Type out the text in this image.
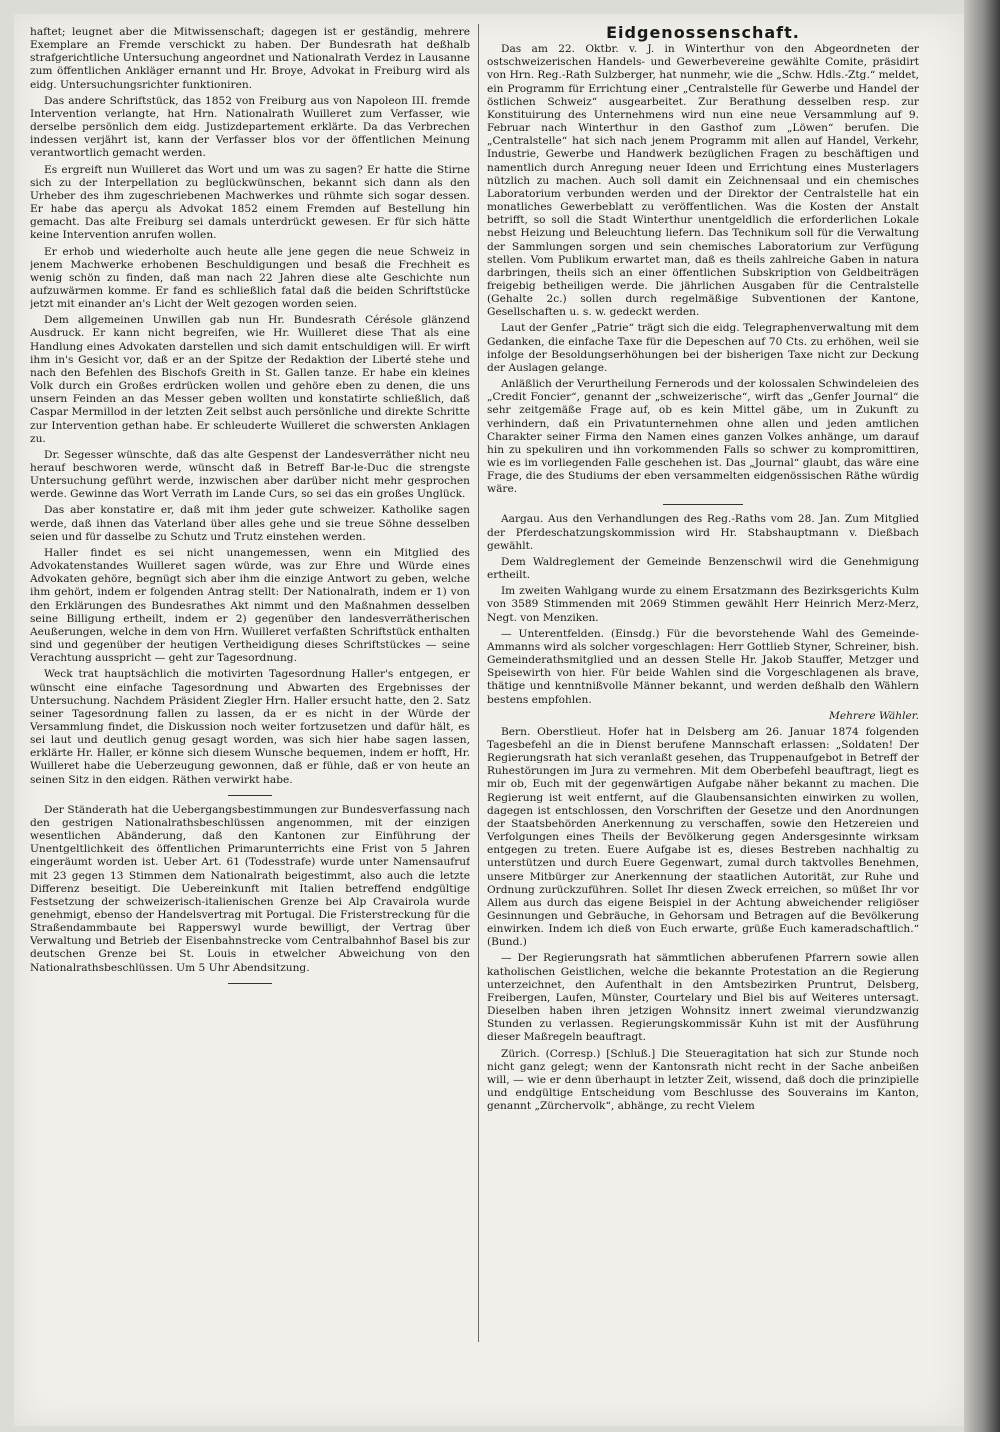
haftet; leugnet aber die Mitwissenschaft; dagegen ist er geständig, mehrere Exemplare an Fremde verschickt zu haben. Der Bundesrath hat deßhalb strafgerichtliche Untersuchung angeordnet und Nationalrath Verdez in Lausanne zum öffentlichen Ankläger ernannt und Hr. Broye, Advokat in Freiburg wird als eidg. Untersuchungsrichter funktioniren.

Das andere Schriftstück, das 1852 von Freiburg aus von Napoleon III. fremde Intervention verlangte, hat Hrn. Nationalrath Wuilleret zum Verfasser, wie derselbe persönlich dem eidg. Justizdepartement erklärte. Da das Verbrechen indessen verjährt ist, kann der Verfasser blos vor der öffentlichen Meinung verantwortlich gemacht werden.

Es ergreift nun Wuilleret das Wort und um was zu sagen? Er hatte die Stirne sich zu der Interpellation zu beglückwünschen, bekannt sich dann als den Urheber des ihm zugeschriebenen Machwerkes und rühmte sich sogar dessen. Er habe das aperçu als Advokat 1852 einem Fremden auf Bestellung hin gemacht. Das alte Freiburg sei damals unterdrückt gewesen. Er für sich hätte keine Intervention anrufen wollen.

Er erhob und wiederholte auch heute alle jene gegen die neue Schweiz in jenem Machwerke erhobenen Beschuldigungen und besaß die Frechheit es wenig schön zu finden, daß man nach 22 Jahren diese alte Geschichte nun aufzuwärmen komme. Er fand es schließlich fatal daß die beiden Schriftstücke jetzt mit einander an's Licht der Welt gezogen worden seien.

Dem allgemeinen Unwillen gab nun Hr. Bundesrath Cérésole glänzend Ausdruck. Er kann nicht begreifen, wie Hr. Wuilleret diese That als eine Handlung eines Advokaten darstellen und sich damit entschuldigen will. Er wirft ihm in's Gesicht vor, daß er an der Spitze der Redaktion der Liberté stehe und nach den Befehlen des Bischofs Greith in St. Gallen tanze. Er habe ein kleines Volk durch ein Großes erdrücken wollen und gehöre eben zu denen, die uns unsern Feinden an das Messer geben wollten und konstatirte schließlich, daß Caspar Mermillod in der letzten Zeit selbst auch persönliche und direkte Schritte zur Intervention gethan habe. Er schleuderte Wuilleret die schwersten Anklagen zu.

Dr. Segesser wünschte, daß das alte Gespenst der Landesverräther nicht neu herauf beschworen werde, wünscht daß in Betreff Bar-le-Duc die strengste Untersuchung geführt werde, inzwischen aber darüber nicht mehr gesprochen werde. Gewinne das Wort Verrath im Lande Curs, so sei das ein großes Unglück.

Das aber konstatire er, daß mit ihm jeder gute schweizer. Katholike sagen werde, daß ihnen das Vaterland über alles gehe und sie treue Söhne desselben seien und für dasselbe zu Schutz und Trutz einstehen werden.

Haller findet es sei nicht unangemessen, wenn ein Mitglied des Advokatenstandes Wuilleret sagen würde, was zur Ehre und Würde eines Advokaten gehöre, begnügt sich aber ihm die einzige Antwort zu geben, welche ihm gehört, indem er folgenden Antrag stellt: Der Nationalrath, indem er 1) von den Erklärungen des Bundesrathes Akt nimmt und den Maßnahmen desselben seine Billigung ertheilt, indem er 2) gegenüber den landesverrätherischen Aeußerungen, welche in dem von Hrn. Wuilleret verfaßten Schriftstück enthalten sind und gegenüber der heutigen Vertheidigung dieses Schriftstückes — seine Verachtung ausspricht — geht zur Tagesordnung.

Weck trat hauptsächlich die motivirten Tagesordnung Haller's entgegen, er wünscht eine einfache Tagesordnung und Abwarten des Ergebnisses der Untersuchung. Nachdem Präsident Ziegler Hrn. Haller ersucht hatte, den 2. Satz seiner Tagesordnung fallen zu lassen, da er es nicht in der Würde der Versammlung findet, die Diskussion noch weiter fortzusetzen und dafür hält, es sei laut und deutlich genug gesagt worden, was sich hier habe sagen lassen, erklärte Hr. Haller, er könne sich diesem Wunsche bequemen, indem er hofft, Hr. Wuilleret habe die Ueberzeugung gewonnen, daß er fühle, daß er von heute an seinen Sitz in den eidgen. Räthen verwirkt habe.

Der Ständerath hat die Uebergangsbestimmungen zur Bundesverfassung nach den gestrigen Nationalrathsbeschlüssen angenommen, mit der einzigen wesentlichen Abänderung, daß den Kantonen zur Einführung der Unentgeltlichkeit des öffentlichen Primarunterrichts eine Frist von 5 Jahren eingeräumt worden ist. Ueber Art. 61 (Todesstrafe) wurde unter Namensaufruf mit 23 gegen 13 Stimmen dem Nationalrath beigestimmt, also auch die letzte Differenz beseitigt. Die Uebereinkunft mit Italien betreffend endgültige Festsetzung der schweizerisch-italienischen Grenze bei Alp Cravairola wurde genehmigt, ebenso der Handelsvertrag mit Portugal. Die Fristerstreckung für die Straßendammbaute bei Rapperswyl wurde bewilligt, der Vertrag über Verwaltung und Betrieb der Eisenbahnstrecke vom Centralbahnhof Basel bis zur deutschen Grenze bei St. Louis in etwelcher Abweichung von den Nationalrathsbeschlüssen. Um 5 Uhr Abendsitzung.

Eidgenossenschaft.

Das am 22. Oktbr. v. J. in Winterthur von den Abgeordneten der ostschweizerischen Handels- und Gewerbevereine gewählte Comite, präsidirt von Hrn. Reg.-Rath Sulzberger, hat nunmehr, wie die „Schw. Hdls.-Ztg.“ meldet, ein Programm für Errichtung einer „Centralstelle für Gewerbe und Handel der östlichen Schweiz“ ausgearbeitet. Zur Berathung desselben resp. zur Konstituirung des Unternehmens wird nun eine neue Versammlung auf 9. Februar nach Winterthur in den Gasthof zum „Löwen“ berufen. Die „Centralstelle“ hat sich nach jenem Programm mit allen auf Handel, Verkehr, Industrie, Gewerbe und Handwerk bezüglichen Fragen zu beschäftigen und namentlich durch Anregung neuer Ideen und Errichtung eines Musterlagers nützlich zu machen. Auch soll damit ein Zeichnensaal und ein chemisches Laboratorium verbunden werden und der Direktor der Centralstelle hat ein monatliches Gewerbeblatt zu veröffentlichen. Was die Kosten der Anstalt betrifft, so soll die Stadt Winterthur unentgeldlich die erforderlichen Lokale nebst Heizung und Beleuchtung liefern. Das Technikum soll für die Verwaltung der Sammlungen sorgen und sein chemisches Laboratorium zur Verfügung stellen. Vom Publikum erwartet man, daß es theils zahlreiche Gaben in natura darbringen, theils sich an einer öffentlichen Subskription von Geldbeiträgen freigebig betheiligen werde. Die jährlichen Ausgaben für die Centralstelle (Gehalte 2c.) sollen durch regelmäßige Subventionen der Kantone, Gesellschaften u. s. w. gedeckt werden.

Laut der Genfer „Patrie“ trägt sich die eidg. Telegraphenverwaltung mit dem Gedanken, die einfache Taxe für die Depeschen auf 70 Cts. zu erhöhen, weil sie infolge der Besoldungserhöhungen bei der bisherigen Taxe nicht zur Deckung der Auslagen gelange.

Anläßlich der Verurtheilung Fernerods und der kolossalen Schwindeleien des „Credit Foncier“, genannt der „schweizerische“, wirft das „Genfer Journal“ die sehr zeitgemäße Frage auf, ob es kein Mittel gäbe, um in Zukunft zu verhindern, daß ein Privatunternehmen ohne allen und jeden amtlichen Charakter seiner Firma den Namen eines ganzen Volkes anhänge, um darauf hin zu spekuliren und ihn vorkommenden Falls so schwer zu kompromittiren, wie es im vorliegenden Falle geschehen ist. Das „Journal“ glaubt, das wäre eine Frage, die des Studiums der eben versammelten eidgenössischen Räthe würdig wäre.

Aargau. Aus den Verhandlungen des Reg.-Raths vom 28. Jan. Zum Mitglied der Pferdeschatzungskommission wird Hr. Stabshauptmann v. Dießbach gewählt.

Dem Waldreglement der Gemeinde Benzenschwil wird die Genehmigung ertheilt.

Im zweiten Wahlgang wurde zu einem Ersatzmann des Bezirksgerichts Kulm von 3589 Stimmenden mit 2069 Stimmen gewählt Herr Heinrich Merz-Merz, Negt. von Menziken.

— Unterentfelden. (Einsdg.) Für die bevorstehende Wahl des Gemeinde-Ammanns wird als solcher vorgeschlagen: Herr Gottlieb Styner, Schreiner, bish. Gemeinderathsmitglied und an dessen Stelle Hr. Jakob Stauffer, Metzger und Speisewirth von hier. Für beide Wahlen sind die Vorgeschlagenen als brave, thätige und kenntnißvolle Männer bekannt, und werden deßhalb den Wählern bestens empfohlen.

Mehrere Wähler.

Bern. Oberstlieut. Hofer hat in Delsberg am 26. Januar 1874 folgenden Tagesbefehl an die in Dienst berufene Mannschaft erlassen: „Soldaten! Der Regierungsrath hat sich veranlaßt gesehen, das Truppenaufgebot in Betreff der Ruhestörungen im Jura zu vermehren. Mit dem Oberbefehl beauftragt, liegt es mir ob, Euch mit der gegenwärtigen Aufgabe näher bekannt zu machen. Die Regierung ist weit entfernt, auf die Glaubensansichten einwirken zu wollen, dagegen ist entschlossen, den Vorschriften der Gesetze und den Anordnungen der Staatsbehörden Anerkennung zu verschaffen, sowie den Hetzereien und Verfolgungen eines Theils der Bevölkerung gegen Andersgesinnte wirksam entgegen zu treten. Euere Aufgabe ist es, dieses Bestreben nachhaltig zu unterstützen und durch Euere Gegenwart, zumal durch taktvolles Benehmen, unsere Mitbürger zur Anerkennung der staatlichen Autorität, zur Ruhe und Ordnung zurückzuführen. Sollet Ihr diesen Zweck erreichen, so müßet Ihr vor Allem aus durch das eigene Beispiel in der Achtung abweichender religiöser Gesinnungen und Gebräuche, in Gehorsam und Betragen auf die Bevölkerung einwirken. Indem ich dieß von Euch erwarte, grüße Euch kameradschaftlich.“ (Bund.)

— Der Regierungsrath hat sämmtlichen abberufenen Pfarrern sowie allen katholischen Geistlichen, welche die bekannte Protestation an die Regierung unterzeichnet, den Aufenthalt in den Amtsbezirken Pruntrut, Delsberg, Freibergen, Laufen, Münster, Courtelary und Biel bis auf Weiteres untersagt. Dieselben haben ihren jetzigen Wohnsitz innert zweimal vierundzwanzig Stunden zu verlassen. Regierungskommissär Kuhn ist mit der Ausführung dieser Maßregeln beauftragt.

Zürich. (Corresp.) [Schluß.] Die Steueragitation hat sich zur Stunde noch nicht ganz gelegt; wenn der Kantonsrath nicht recht in der Sache anbeißen will, — wie er denn überhaupt in letzter Zeit, wissend, daß doch die prinzipielle und endgültige Entscheidung vom Beschlusse des Souverains im Kanton, genannt „Zürchervolk“, abhänge, zu recht Vielem
